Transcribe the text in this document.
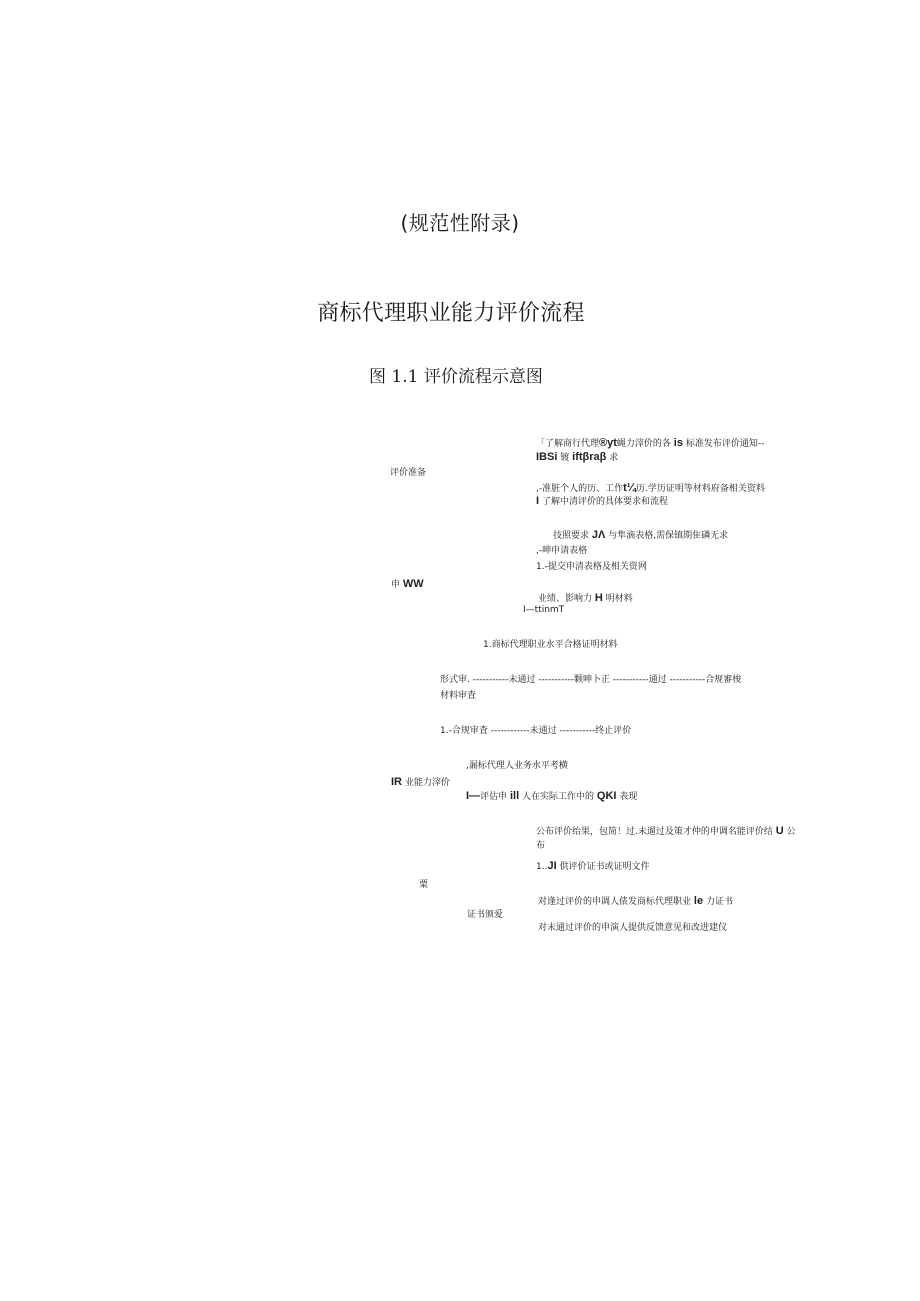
(规范性附录)
商标代理职业能力评价流程
图 1.1 评价流程示意图
「了解商行代理®yt蝇力滓价的各 is 标准发布评价通知--
IBSi 镀 iftβraβ 求
评价准备
,-准脏个人的历、工作t¼历.学历证明等材料府备相关资料
I 了解中清评价的具体要求和流程
技照要求 JΛ 与隼滴表格,需保镇期隹磷无求
,-呻申请表格
1.-提交申清表格及相关资网
申 WW
业绩、影响力 H 明材料
I—ttinmT
1.商标代理职业水平合格证明材料
形式审. -----------未通过 -----------颗呻卜正 -----------通过 -----------合规審梭
材料审査
1.-合规审査 ------------未通过 -----------终止评价
,漏标代理人业务水平考横
IR 业能力滓价
I—评估申 ill 人在实际工作中的 QKI 表现
公布评价绐果，包简！过.未遛过及策才仲的申调名能评价结 U 公
布
1..JI 供评价证书或证明文件
粟
对逢过评价的申调人俵发商标代理职业 le 力证书
证书颁爱
对未通过评价的申演人提供反馈意见和改进建仪
